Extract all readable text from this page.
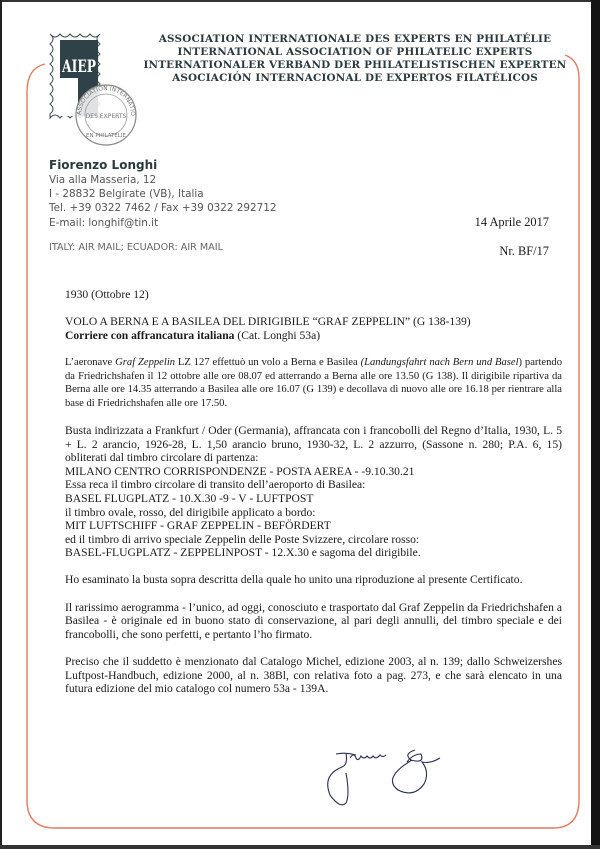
AIEP
ASSOCIATION INTERNATIO
DES EXPERTS
EN PHILATÉLIE
ASSOCIATION INTERNATIONALE DES EXPERTS EN PHILATÉLIE
INTERNATIONAL ASSOCIATION OF PHILATELIC EXPERTS
INTERNATIONALER VERBAND DER PHILATELISTISCHEN EXPERTEN
ASOCIACIÓN INTERNACIONAL DE EXPERTOS FILATÉLICOS
Fiorenzo Longhi
Via alla Masseria, 12
I - 28832 Belgirate (VB), Italia
Tel. +39 0322 7462 / Fax +39 0322 292712
E-mail: longhif@tin.it
ITALY: AIR MAIL; ECUADOR: AIR MAIL
14 Aprile 2017
Nr. BF/17

1930 (Ottobre 12)

VOLO A BERNA E A BASILEA DEL DIRIGIBILE “GRAF ZEPPELIN” (G 138-139)

Corriere con affrancatura italiana (Cat. Longhi 53a)

L’aeronave Graf Zeppelin LZ 127 effettuò un volo a Berna e Basilea (Landungsfahrt nach Bern und Basel) partendo da Friedrichshafen il 12 ottobre alle ore 08.07 ed atterrando a Berna alle ore 13.50 (G 138). Il dirigibile ripartiva da Berna alle ore 14.35 atterrando a Basilea alle ore 16.07 (G 139) e decollava di nuovo alle ore 16.18 per rientrare alla base di Friedrichshafen alle ore 17.50.

Busta indirizzata a Frankfurt / Oder (Germania), affrancata con i francobolli del Regno d’Italia, 1930, L. 5 + L. 2 arancio, 1926-28, L. 1,50 arancio bruno, 1930-32, L. 2 azzurro, (Sassone n. 280; P.A. 6, 15) obliterati dal timbro circolare di partenza:

MILANO CENTRO CORRISPONDENZE - POSTA AEREA - -9.10.30.21

Essa reca il timbro circolare di transito dell’aeroporto di Basilea:

BASEL FLUGPLATZ - 10.X.30 -9 - V - LUFTPOST

il timbro ovale, rosso, del dirigibile applicato a bordo:

MIT LUFTSCHIFF - GRAF ZEPPELIN - BEFÖRDERT

ed il timbro di arrivo speciale Zeppelin delle Poste Svizzere, circolare rosso:

BASEL-FLUGPLATZ - ZEPPELINPOST - 12.X.30 e sagoma del dirigibile.

Ho esaminato la busta sopra descritta della quale ho unito una riproduzione al presente Certificato.

Il rarissimo aerogramma - l’unico, ad oggi, conosciuto e trasportato dal Graf Zeppelin da Friedrichshafen a Basilea - è originale ed in buono stato di conservazione, al pari degli annulli, del timbro speciale e dei francobolli, che sono perfetti, e pertanto l’ho firmato.

Preciso che il suddetto è menzionato dal Catalogo Michel, edizione 2003, al n. 139; dallo Schweizershes Luftpost-Handbuch, edizione 2000, al n. 38Bl, con relativa foto a pag. 273, e che sarà elencato in una futura edizione del mio catalogo col numero 53a - 139A.
